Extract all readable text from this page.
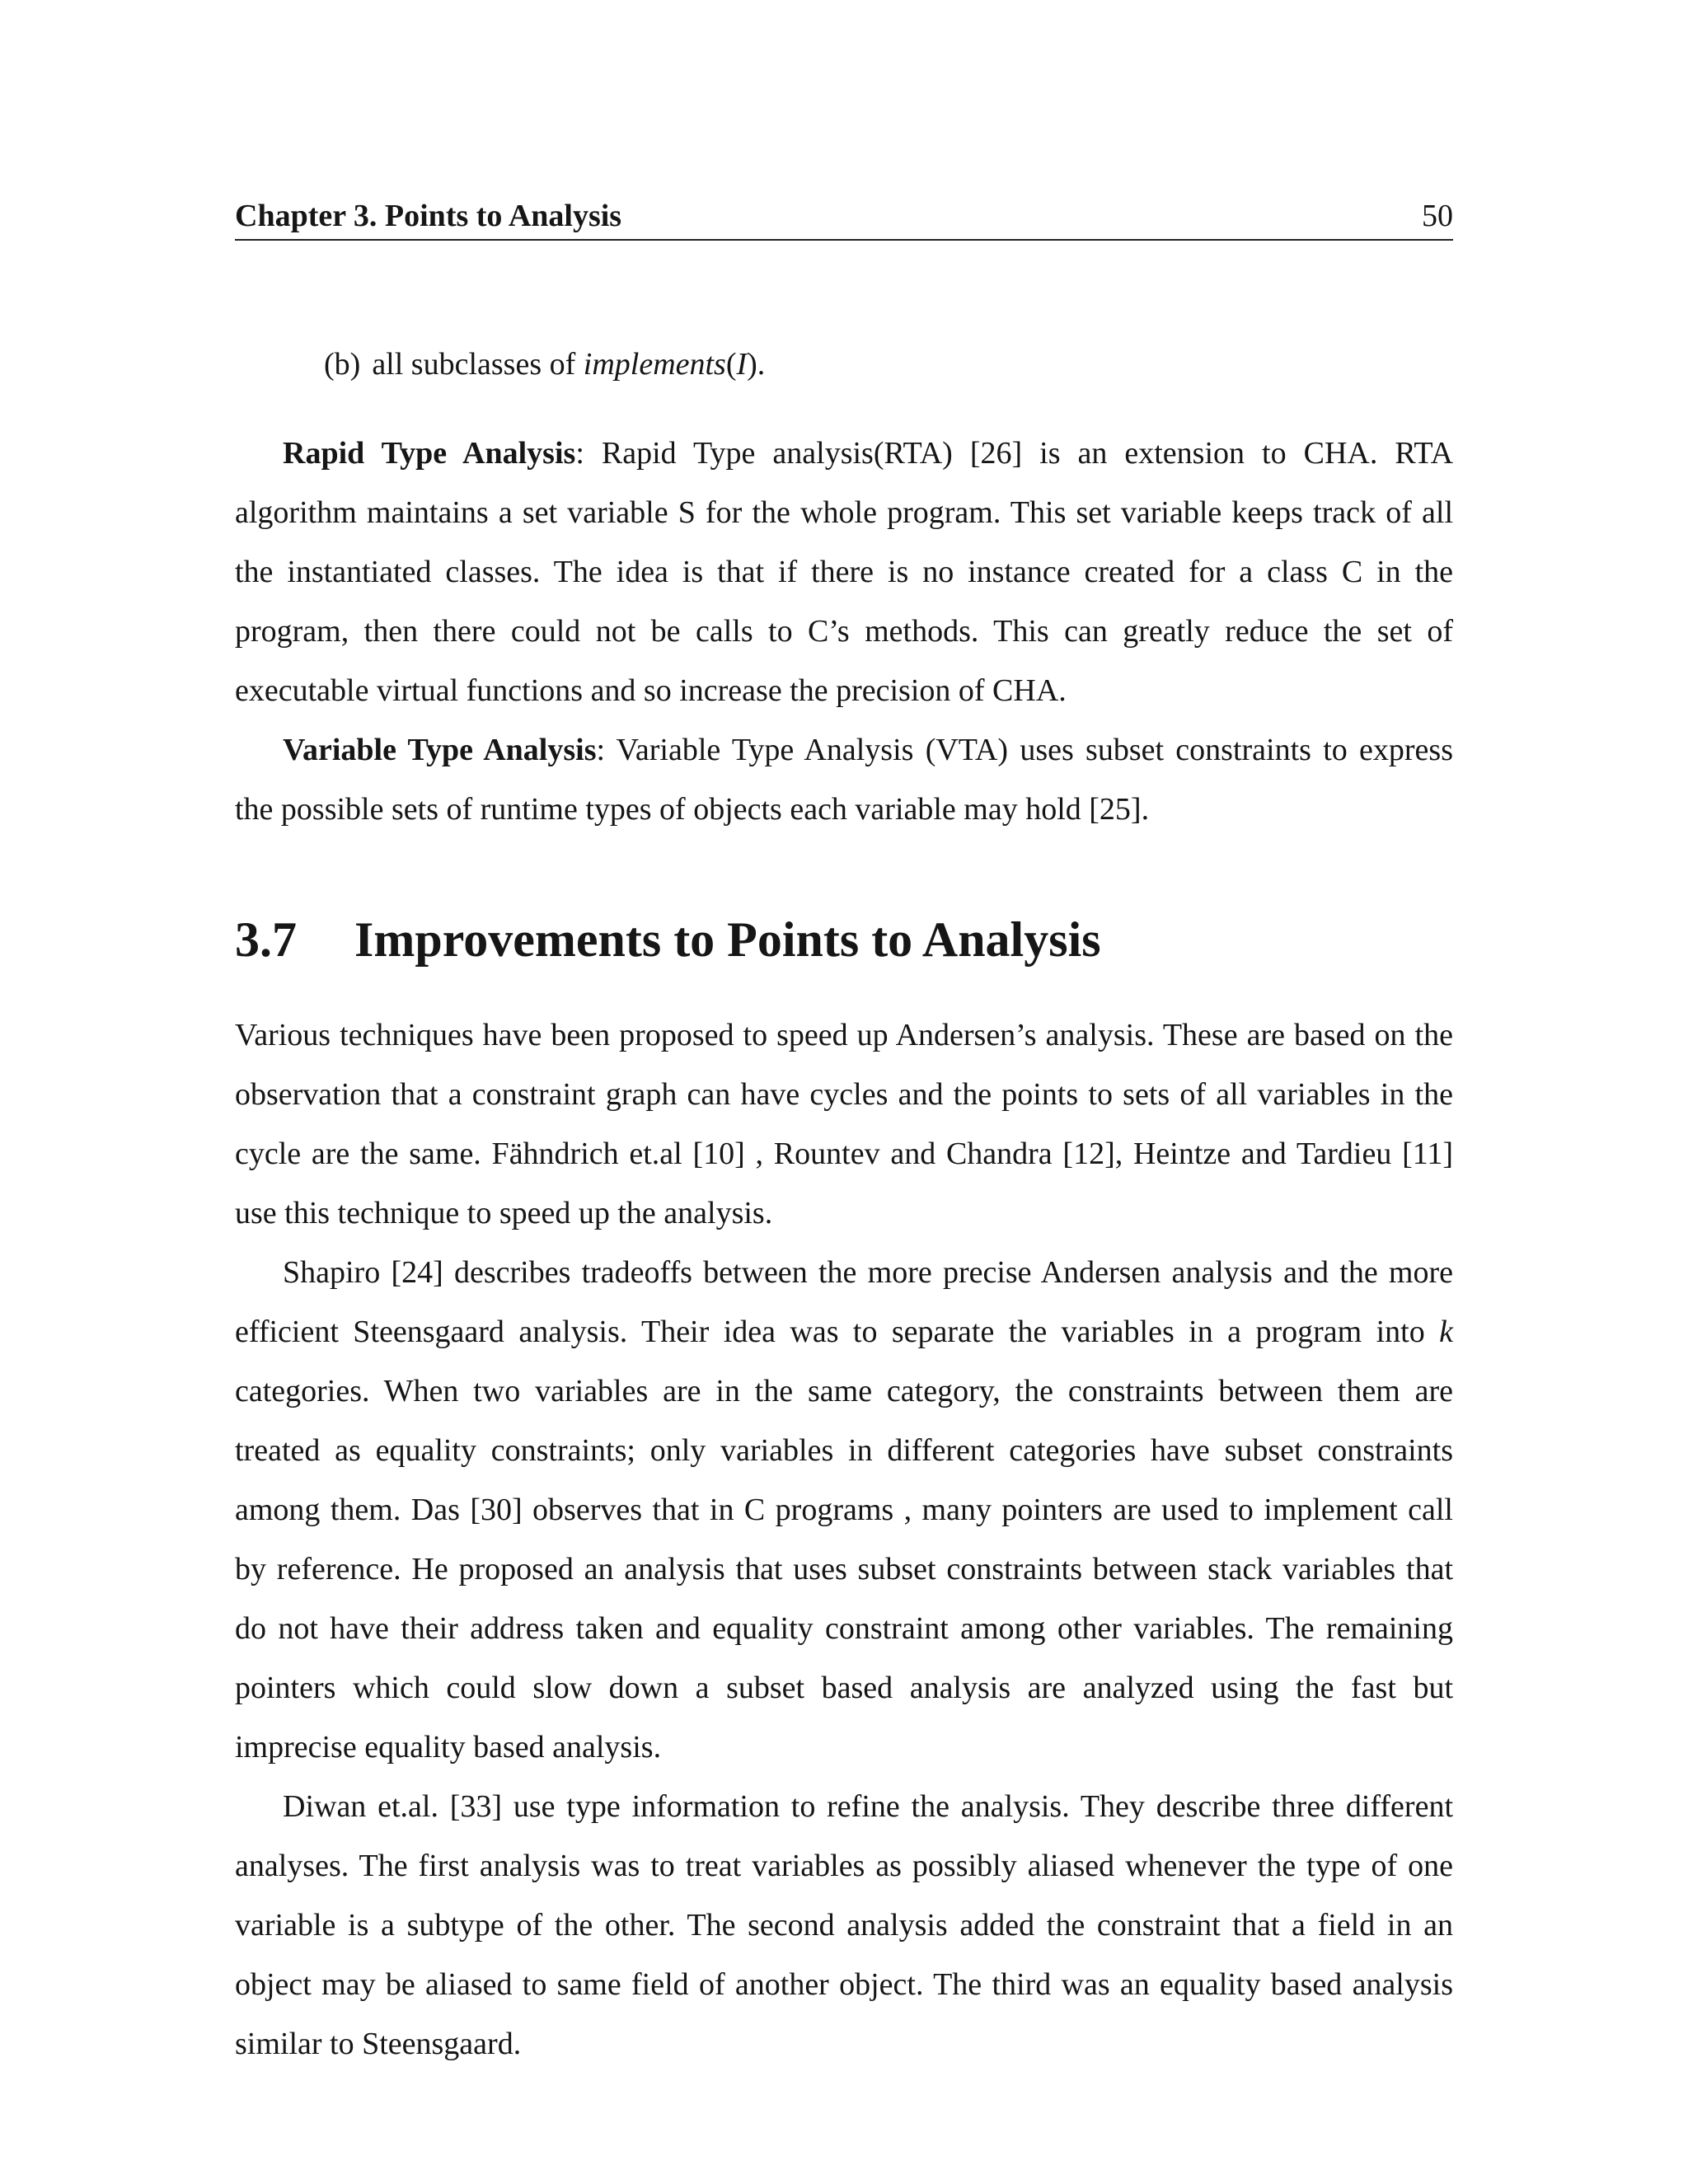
Chapter 3. Points to Analysis	50
(b) all subclasses of implements(I).

Rapid Type Analysis: Rapid Type analysis(RTA) [26] is an extension to CHA. RTA algorithm maintains a set variable S for the whole program. This set variable keeps track of all the instantiated classes. The idea is that if there is no instance created for a class C in the program, then there could not be calls to C’s methods. This can greatly reduce the set of executable virtual functions and so increase the precision of CHA.

Variable Type Analysis: Variable Type Analysis (VTA) uses subset constraints to express the possible sets of runtime types of objects each variable may hold [25].

3.7 Improvements to Points to Analysis

Various techniques have been proposed to speed up Andersen’s analysis. These are based on the observation that a constraint graph can have cycles and the points to sets of all variables in the cycle are the same. Fähndrich et.al [10] , Rountev and Chandra [12], Heintze and Tardieu [11] use this technique to speed up the analysis.

Shapiro [24] describes tradeoffs between the more precise Andersen analysis and the more efficient Steensgaard analysis. Their idea was to separate the variables in a program into k categories. When two variables are in the same category, the constraints between them are treated as equality constraints; only variables in different categories have subset constraints among them. Das [30] observes that in C programs , many pointers are used to implement call by reference. He proposed an analysis that uses subset constraints between stack variables that do not have their address taken and equality constraint among other variables. The remaining pointers which could slow down a subset based analysis are analyzed using the fast but imprecise equality based analysis.

Diwan et.al. [33] use type information to refine the analysis. They describe three different analyses. The first analysis was to treat variables as possibly aliased whenever the type of one variable is a subtype of the other. The second analysis added the constraint that a field in an object may be aliased to same field of another object. The third was an equality based analysis similar to Steensgaard.
